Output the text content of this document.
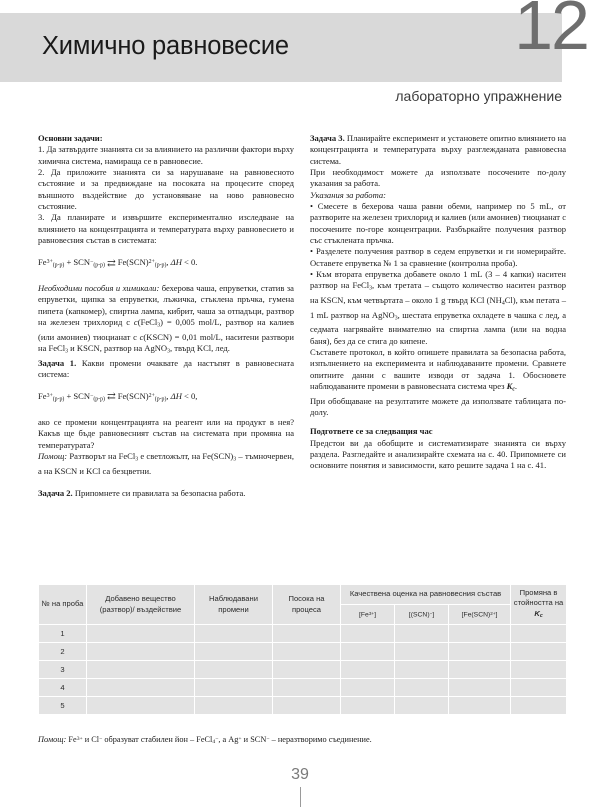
Химично равновесие	12
лабораторно упражнение

Основни задачи:

1. Да затвърдите знанията си за влиянието на различни фактори върху химична система, намираща се в равновесие.

2. Да приложите знанията си за нарушаване на равновесното състояние и за предвиждане на посоката на процесите според външното въздействие до установяване на ново равновесно състояние.

3. Да планирате и извършите експериментално изследване на влиянието на концентрацията и температурата върху равновесието и равновесния състав в системата:

$Fe^{3+}_{(р-р)} + SCN^-_{(р-р)}$ ⇄ Fe(SCN)$^{2+}_{(р-р)}$, ΔH < 0.

Необходими пособия и химикали: бехерова чаша, епруветки, статив за епруветки, щипка за епруветки, лъжичка, стъклена пръчка, гумена пипета (капкомер), спиртна лампа, кибрит, чаша за отпадъци, разтвор на железен трихлорид с c(FeCl$_3$) = 0,005 mol/L, разтвор на калиев (или амониев) тиоцианат с c(KSCN) = 0,01 mol/L, наситени разтвори на FeCl$_3$ и KSCN, разтвор на AgNO$_3$, твърд KCl, лед.

Задача 1. Какви промени очаквате да настъпят в равновесната система:

$Fe^{3+}_{(р-р)} + SCN^-_{(р-р)}$ ⇄ Fe(SCN)$^{2+}_{(р-р)}$, ΔH < 0,

ако се промени концентрацията на реагент или на продукт в нея? Какъв ще бъде равновесният състав на системата при промяна на температурата?

Помощ: Разтворът на FeCl$_3$ е светложълт, на $Fe(SCN)_3$ – тъмночервен, а на KSCN и KCl са безцветни.

Задача 2. Припомнете си правилата за безопасна работа.

Задача 3. Планирайте експеримент и установете опитно влиянието на концентрацията и температурата върху разглежданата равновесна система.

При необходимост можете да използвате посочените по-долу указания за работа.

Указания за работа:

• Смесете в бехерова чаша равни обеми, например по 5 mL, от разтворите на железен трихлорид и калиев (или амониев) тиоцианат с посочените по-горе концентрации. Разбъркайте получения разтвор със стъклената пръчка.

• Разделете получения разтвор в седем епруветки и ги номерирайте. Оставете епруветка № 1 за сравнение (контролна проба).

• Към втората епруветка добавете около 1 mL (3 – 4 капки) наситен разтвор на FeCl$_3$, към третата – същото количество наситен разтвор на KSCN, към четвъртата – около 1 g твърд KCl $(NH_4Cl)$, към петата – 1 mL разтвор на AgNO$_3$, шестата епруветка охладете в чашка с лед, а седмата нагрявайте внимателно на спиртна лампа (или на водна баня), без да се стига до кипене.

Съставете протокол, в който опишете правилата за безопасна работа, изпълнението на експеримента и наблюдаваните промени. Сравнете опитните данни с вашите изводи от задача 1. Обосновете наблюдаваните промени в равновесната система чрез $K_c$.

При обобщаване на резултатите можете да използвате таблицата по-долу.

Подгответе се за следващия час

Предстои ви да обобщите и систематизирате знанията си върху раздела. Разгледайте и анализирайте схемата на с. 40. Припомнете си основните понятия и зависимости, като решите задача 1 на с. 41.

№ на проба	Добавено вещество (разтвор)/ въздействие	Наблюдавани промени	Посока на процеса	Качествена оценка на равновесния състав			Промяна в стойността на $K_c$
				$[Fe^{3+}]$	[(SCN)−]	[Fe(SCN)$^{2+}$]	
1							
2							
3							
4							
5							
Помощ: $Fe^{3+}$ и Cl− образуват стабилен йон – FeCl$_4$−, а Ag+ и SCN− – неразтворимо съединение.
39
